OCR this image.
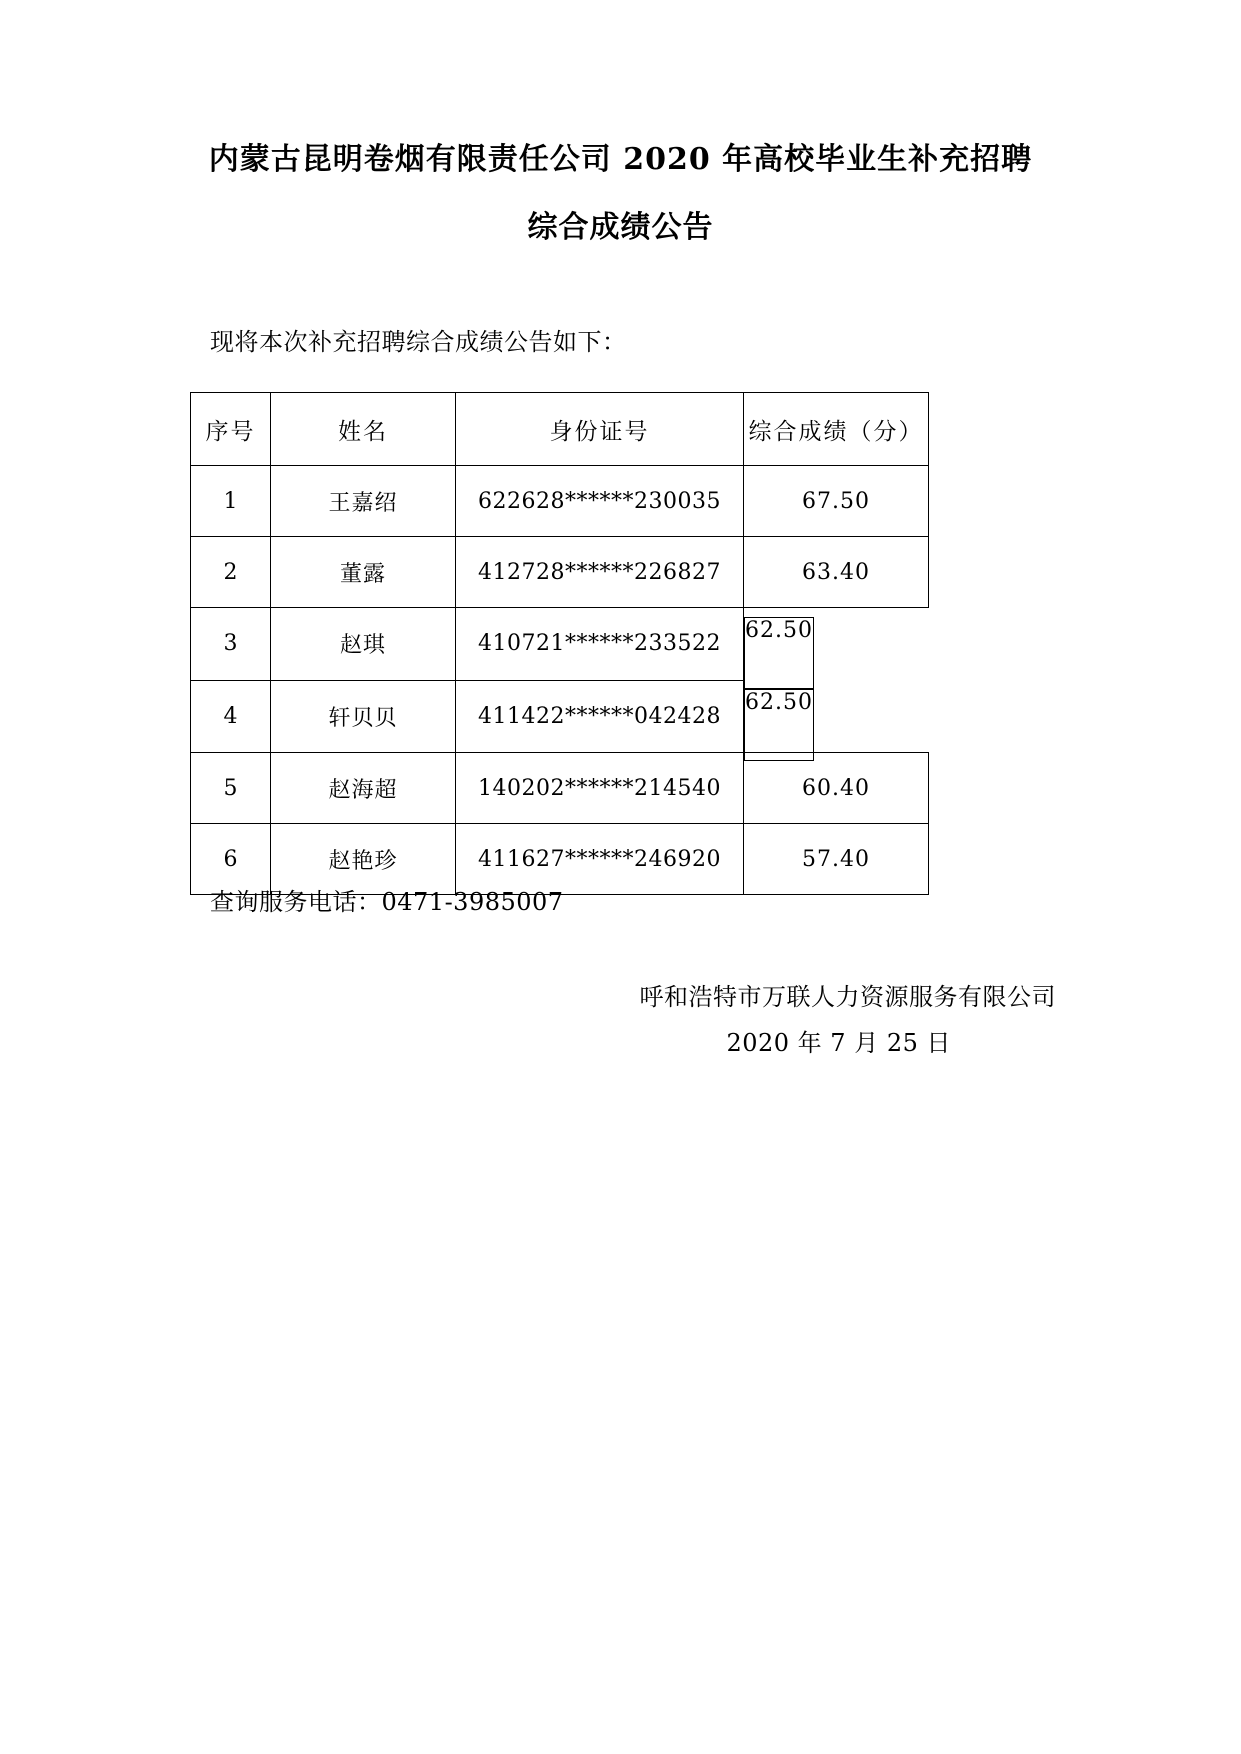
内蒙古昆明卷烟有限责任公司 2020 年高校毕业生补充招聘
综合成绩公告
现将本次补充招聘综合成绩公告如下：
序号	姓名	身份证号	综合成绩（分）
1	王嘉绍	622628******230035	67.50
2	董露	412728******226827	63.40
3	赵琪	410721******233522	62.50
4	轩贝贝	411422******042428	62.50
5	赵海超	140202******214540	60.40
6	赵艳珍	411627******246920	57.40
查询服务电话：0471-3985007
呼和浩特市万联人力资源服务有限公司
2020 年 7 月 25 日
